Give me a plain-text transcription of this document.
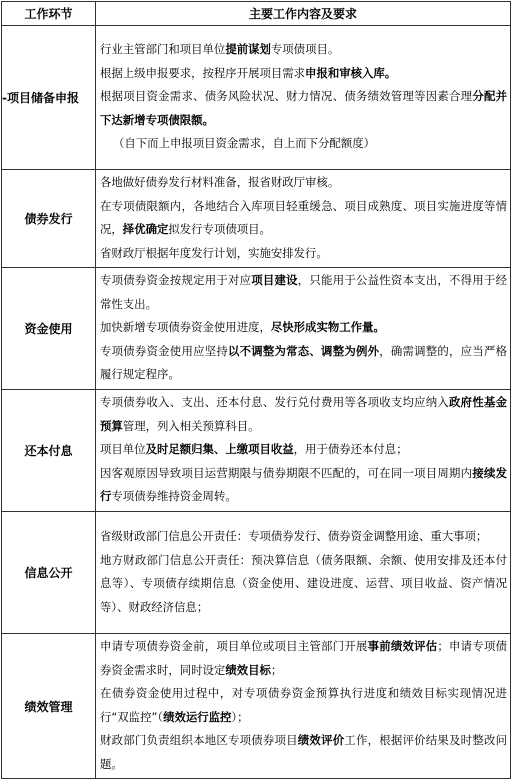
工作环节	主要工作内容及要求
-项目储备申报	行业主管部门和项目单位提前谋划专项债项目。

根据上级申报要求，按程序开展项目需求申报和审核入库。

根据项目资金需求、债务风险状况、财力情况、债务绩效管理等因素合理分配并下达新增专项债限额。

（自下而上申报项目资金需求，自上而下分配额度）

债券发行	各地做好债券发行材料准备，报省财政厅审核。

在专项债限额内，各地结合入库项目轻重缓急、项目成熟度、项目实施进度等情况，择优确定拟发行专项债项目。

省财政厅根据年度发行计划，实施安排发行。

资金使用	专项债券资金按规定用于对应项目建设，只能用于公益性资本支出，不得用于经常性支出。

加快新增专项债券资金使用进度，尽快形成实物工作量。

专项债券资金使用应坚持以不调整为常态、调整为例外，确需调整的，应当严格履行规定程序。

还本付息	专项债券收入、支出、还本付息、发行兑付费用等各项收支均应纳入政府性基金预算管理，列入相关预算科目。

项目单位及时足额归集、上缴项目收益，用于债券还本付息；

因客观原因导致项目运营期限与债券期限不匹配的，可在同一项目周期内接续发行专项债券维持资金周转。

信息公开	省级财政部门信息公开责任：专项债券发行、债券资金调整用途、重大事项；

地方财政部门信息公开责任：预决算信息（债务限额、余额、使用安排及还本付息等）、专项债存续期信息（资金使用、建设进度、运营、项目收益、资产情况等）、财政经济信息；

绩效管理	申请专项债券资金前，项目单位或项目主管部门开展事前绩效评估；申请专项债券资金需求时，同时设定绩效目标；

在债券资金使用过程中，对专项债券资金预算执行进度和绩效目标实现情况进行“双监控”（绩效运行监控）；

财政部门负责组织本地区专项债券项目绩效评价工作，根据评价结果及时整改问题。
